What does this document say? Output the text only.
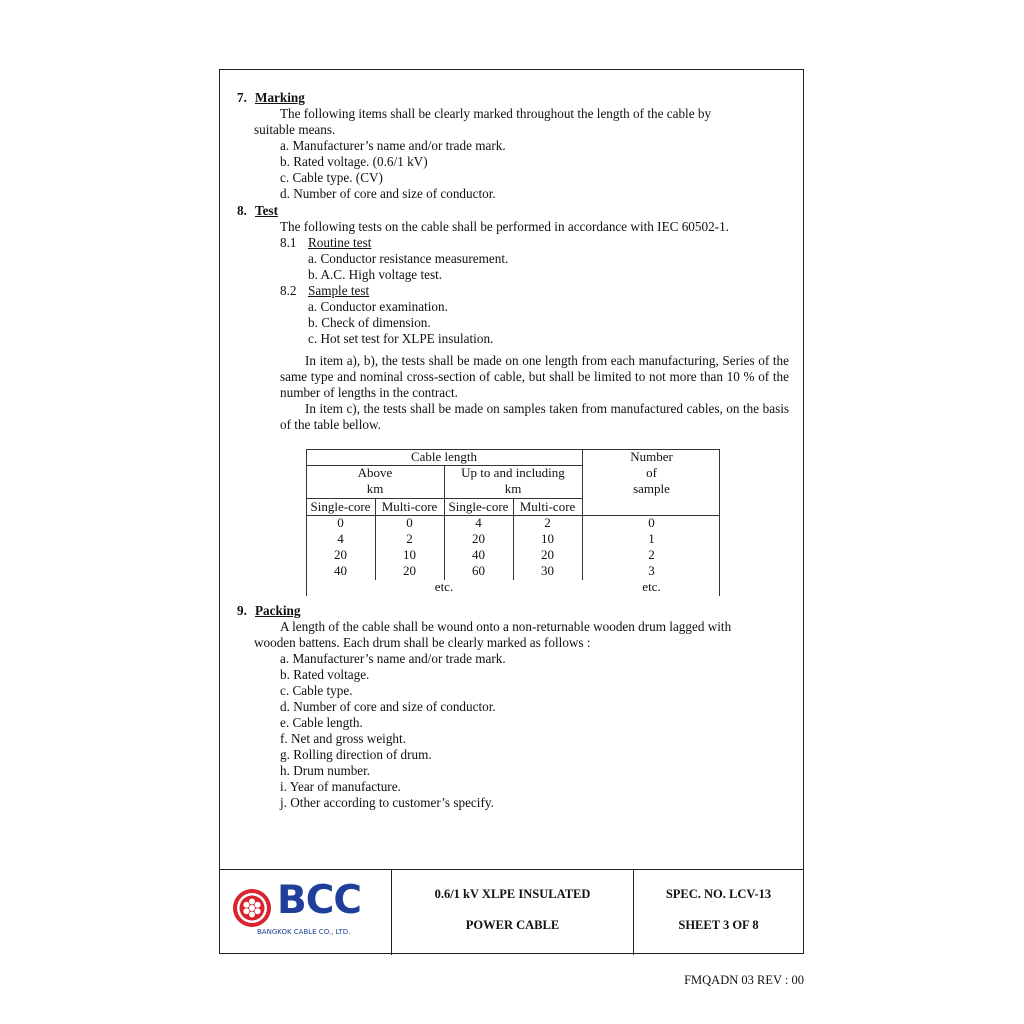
7. Marking
The following items shall be clearly marked throughout the length of the cable by
suitable means.
a. Manufacturer’s name and/or trade mark.
b. Rated voltage. (0.6/1 kV)
c. Cable type. (CV)
d. Number of core and size of conductor.
8. Test
The following tests on the cable shall be performed in accordance with IEC 60502-1.
8.1 Routine test
a. Conductor resistance measurement.
b. A.C. High voltage test.
8.2 Sample test
a. Conductor examination.
b. Check of dimension.
c. Hot set test for XLPE insulation.
In item a), b), the tests shall be made on one length from each manufacturing, Series of the same type and nominal cross-section of cable, but shall be limited to not more than 10 % of the number of lengths in the contract.
In item c), the tests shall be made on samples taken from manufactured cables, on the basis of the table bellow.
Cable length
Above
km
Up to and including
km
Number
of
sample
Single-core Multi-core Single-core Multi-core
0	0	4	2	0
4	2	20	10	1
20	10	40	20	2
40	20	60	30	3
etc.	etc.
9. Packing
A length of the cable shall be wound onto a non-returnable wooden drum lagged with
wooden battens. Each drum shall be clearly marked as follows :
a. Manufacturer’s name and/or trade mark.
b. Rated voltage.
c. Cable type.
d. Number of core and size of conductor.
e. Cable length.
f. Net and gross weight.
g. Rolling direction of drum.
h. Drum number.
i. Year of manufacture.
j. Other according to customer’s specify.
BCC
BANGKOK CABLE CO., LTD.
0.6/1 kV XLPE INSULATED
POWER CABLE
SPEC. NO. LCV-13
SHEET 3 OF 8
FMQADN 03 REV : 00
